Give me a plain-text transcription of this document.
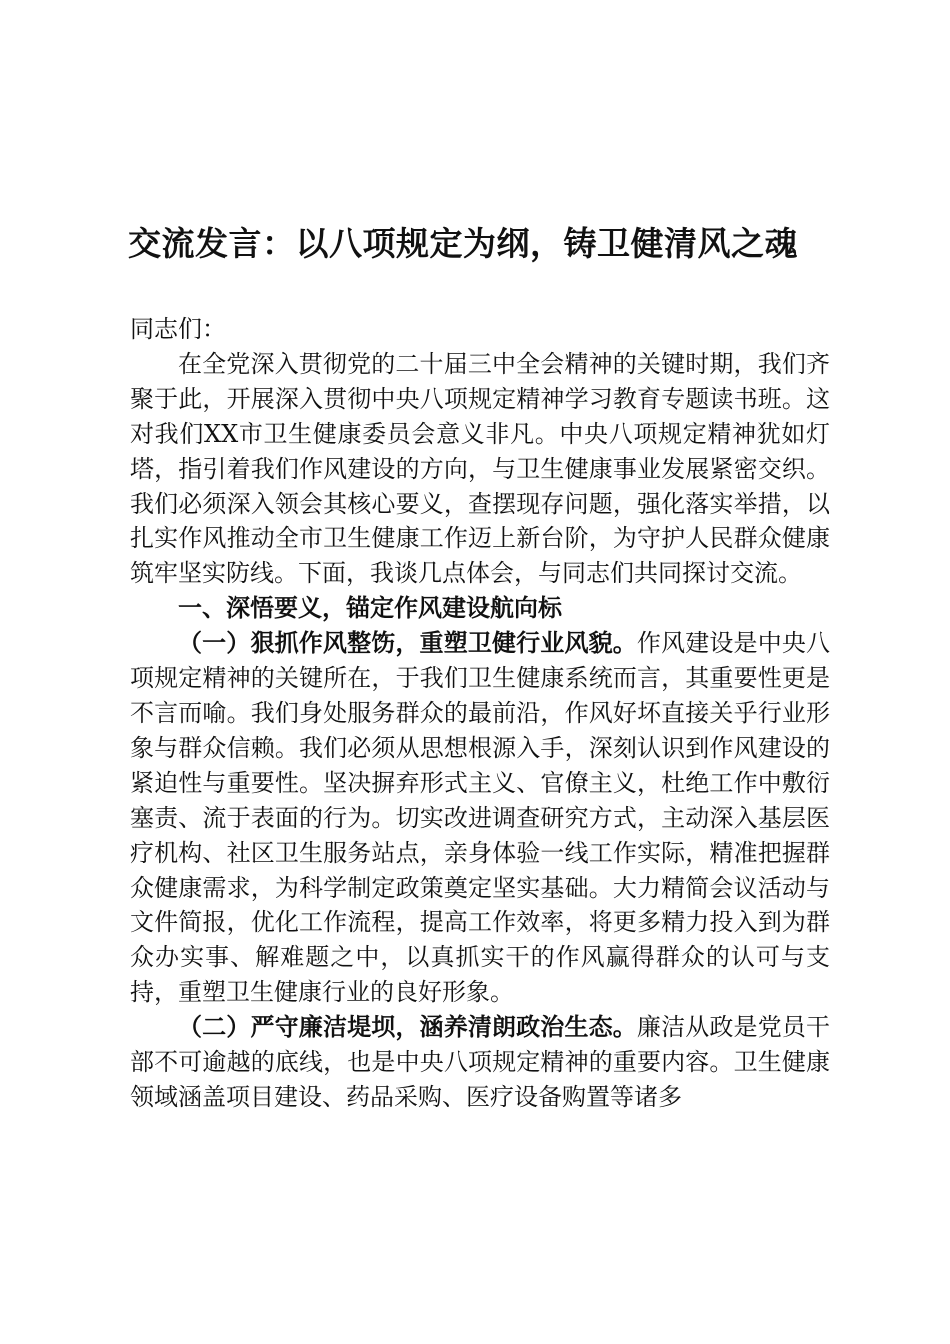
交流发言：以八项规定为纲，铸卫健清风之魂

同志们：

在全党深入贯彻党的二十届三中全会精神的关键时期，我们齐聚于此，开展深入贯彻中央八项规定精神学习教育专题读书班。这对我们XX市卫生健康委员会意义非凡。中央八项规定精神犹如灯塔，指引着我们作风建设的方向，与卫生健康事业发展紧密交织。我们必须深入领会其核心要义，查摆现存问题，强化落实举措，以扎实作风推动全市卫生健康工作迈上新台阶，为守护人民群众健康筑牢坚实防线。下面，我谈几点体会，与同志们共同探讨交流。

一、深悟要义，锚定作风建设航向标

（一）狠抓作风整饬，重塑卫健行业风貌。作风建设是中央八项规定精神的关键所在，于我们卫生健康系统而言，其重要性更是不言而喻。我们身处服务群众的最前沿，作风好坏直接关乎行业形象与群众信赖。我们必须从思想根源入手，深刻认识到作风建设的紧迫性与重要性。坚决摒弃形式主义、官僚主义，杜绝工作中敷衍塞责、流于表面的行为。切实改进调查研究方式，主动深入基层医疗机构、社区卫生服务站点，亲身体验一线工作实际，精准把握群众健康需求，为科学制定政策奠定坚实基础。大力精简会议活动与文件简报，优化工作流程，提高工作效率，将更多精力投入到为群众办实事、解难题之中，以真抓实干的作风赢得群众的认可与支持，重塑卫生健康行业的良好形象。

（二）严守廉洁堤坝，涵养清朗政治生态。廉洁从政是党员干部不可逾越的底线，也是中央八项规定精神的重要内容。卫生健康领域涵盖项目建设、药品采购、医疗设备购置等诸多
